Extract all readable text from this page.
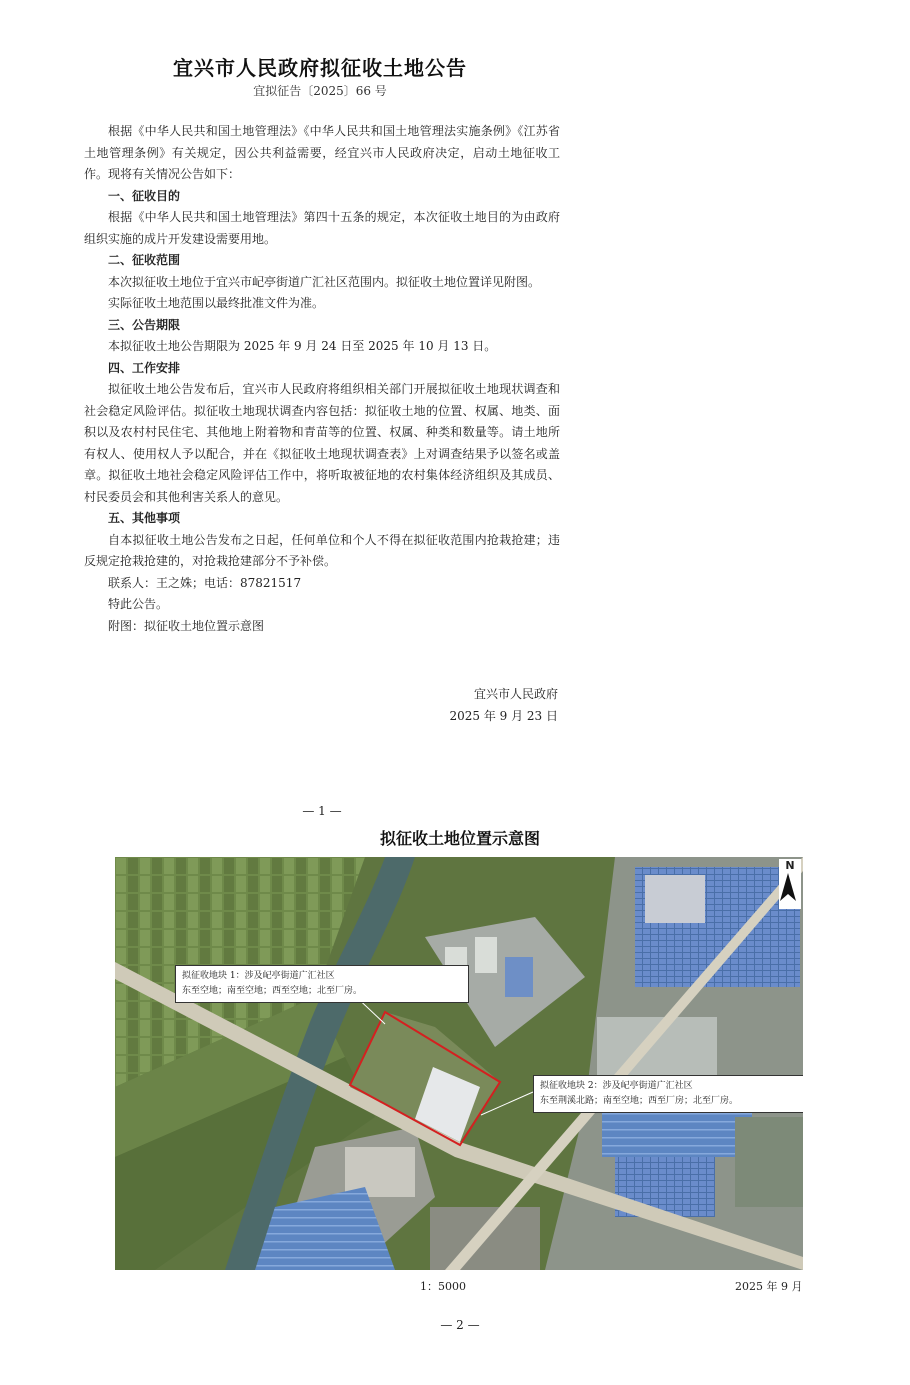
宜兴市人民政府拟征收土地公告
宜拟征告〔2025〕66 号

根据《中华人民共和国土地管理法》《中华人民共和国土地管理法实施条例》《江苏省土地管理条例》有关规定，因公共利益需要，经宜兴市人民政府决定，启动土地征收工作。现将有关情况公告如下：

一、征收目的

根据《中华人民共和国土地管理法》第四十五条的规定，本次征收土地目的为由政府组织实施的成片开发建设需要用地。

二、征收范围

本次拟征收土地位于宜兴市屺亭街道广汇社区范围内。拟征收土地位置详见附图。

实际征收土地范围以最终批准文件为准。

三、公告期限

本拟征收土地公告期限为 2025 年 9 月 24 日至 2025 年 10 月 13 日。

四、工作安排

拟征收土地公告发布后，宜兴市人民政府将组织相关部门开展拟征收土地现状调查和社会稳定风险评估。拟征收土地现状调查内容包括：拟征收土地的位置、权属、地类、面积以及农村村民住宅、其他地上附着物和青苗等的位置、权属、种类和数量等。请土地所有权人、使用权人予以配合，并在《拟征收土地现状调查表》上对调查结果予以签名或盖章。拟征收土地社会稳定风险评估工作中，将听取被征地的农村集体经济组织及其成员、村民委员会和其他利害关系人的意见。

五、其他事项

自本拟征收土地公告发布之日起，任何单位和个人不得在拟征收范围内抢栽抢建；违反规定抢栽抢建的，对抢栽抢建部分不予补偿。

联系人：王之姝；电话：87821517

特此公告。

附图：拟征收土地位置示意图

宜兴市人民政府
2025 年 9 月 23 日
— 1 —
拟征收土地位置示意图
拟征收地块 1：涉及屺亭街道广汇社区
东至空地；南至空地；西至空地；北至厂房。
拟征收地块 2：涉及屺亭街道广汇社区
东至荆溪北路；南至空地；西至厂房；北至厂房。
N
1：5000	2025 年 9 月
— 2 —
